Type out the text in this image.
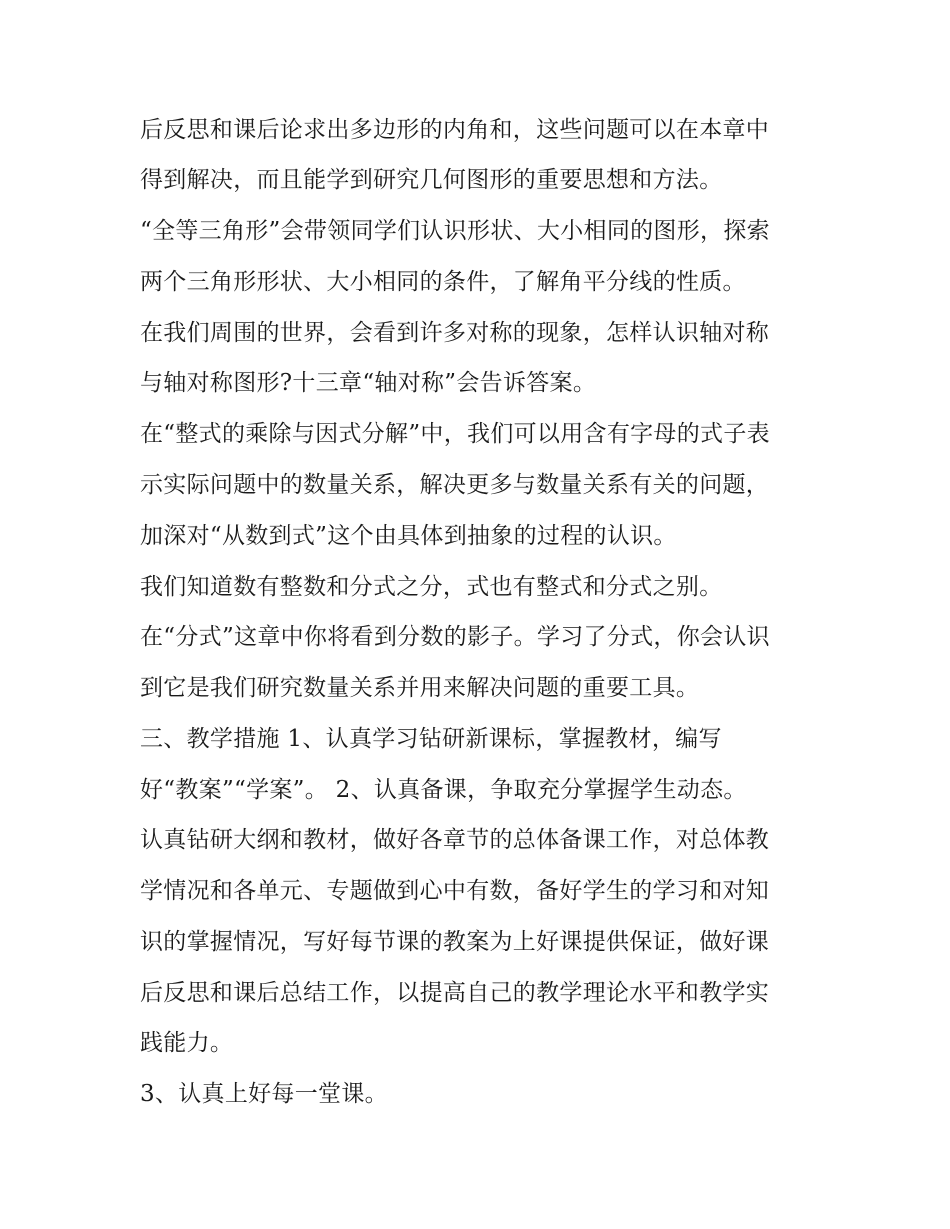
后反思和课后论求出多边形的内角和，这些问题可以在本章中
得到解决，而且能学到研究几何图形的重要思想和方法。
“全等三角形”会带领同学们认识形状、大小相同的图形，探索
两个三角形形状、大小相同的条件，了解角平分线的性质。
在我们周围的世界，会看到许多对称的现象，怎样认识轴对称
与轴对称图形?十三章“轴对称”会告诉答案。
在“整式的乘除与因式分解”中，我们可以用含有字母的式子表
示实际问题中的数量关系，解决更多与数量关系有关的问题，
加深对“从数到式”这个由具体到抽象的过程的认识。
我们知道数有整数和分式之分，式也有整式和分式之别。
在“分式”这章中你将看到分数的影子。学习了分式，你会认识
到它是我们研究数量关系并用来解决问题的重要工具。
三、教学措施 1、认真学习钻研新课标，掌握教材，编写
好“教案”“学案”。 2、认真备课，争取充分掌握学生动态。
认真钻研大纲和教材，做好各章节的总体备课工作，对总体教
学情况和各单元、专题做到心中有数，备好学生的学习和对知
识的掌握情况，写好每节课的教案为上好课提供保证，做好课
后反思和课后总结工作，以提高自己的教学理论水平和教学实
践能力。
3、认真上好每一堂课。
